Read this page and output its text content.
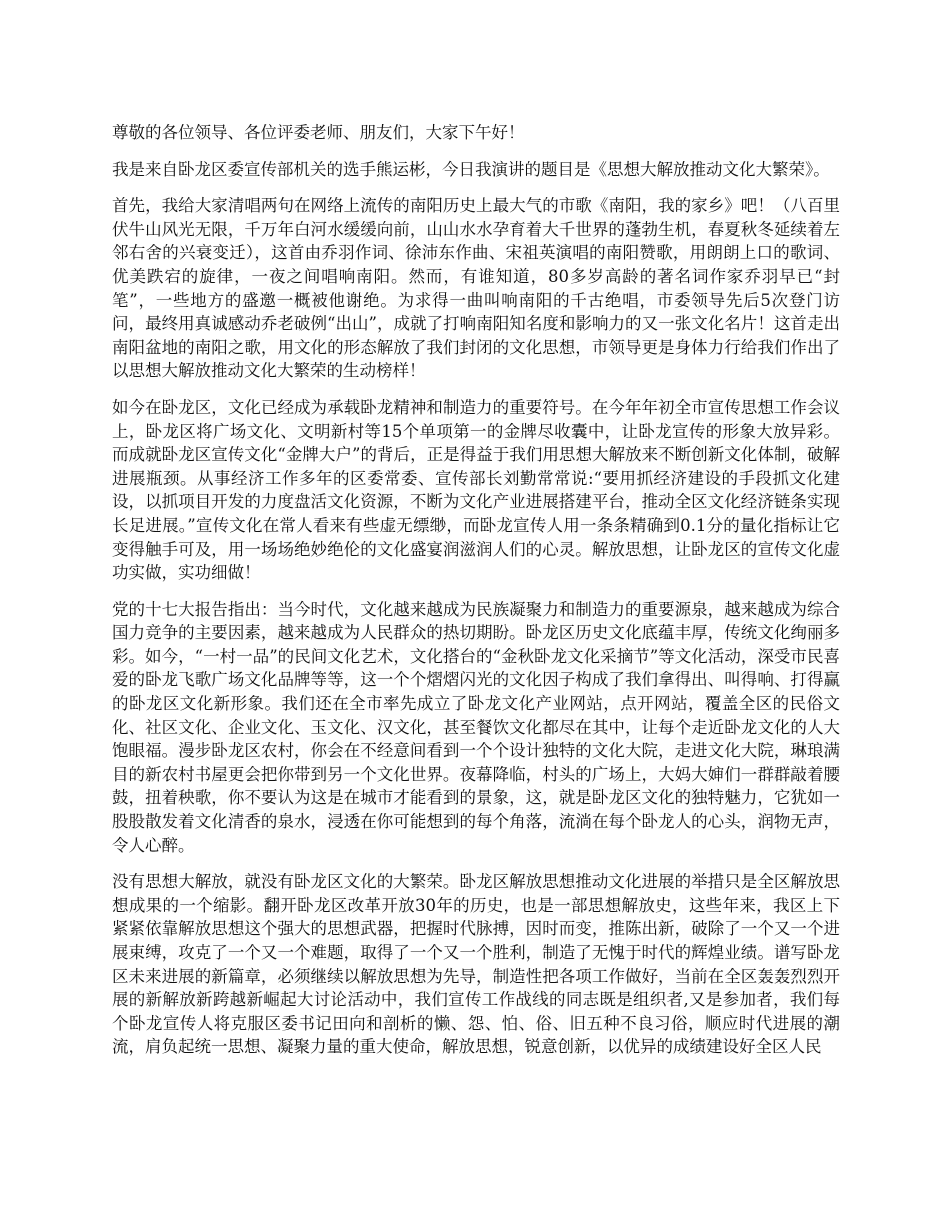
尊敬的各位领导、各位评委老师、朋友们，大家下午好！

我是来自卧龙区委宣传部机关的选手熊运彬，今日我演讲的题目是《思想大解放推动文化大繁荣》。

首先，我给大家清唱两句在网络上流传的南阳历史上最大气的市歌《南阳，我的家乡》吧！（八百里伏牛山风光无限，千万年白河水缓缓向前，山山水水孕育着大千世界的蓬勃生机，春夏秋冬延续着左邻右舍的兴衰变迁），这首由乔羽作词、徐沛东作曲、宋祖英演唱的南阳赞歌，用朗朗上口的歌词、优美跌宕的旋律，一夜之间唱响南阳。然而，有谁知道，80多岁高龄的著名词作家乔羽早已“封笔”，一些地方的盛邀一概被他谢绝。为求得一曲叫响南阳的千古绝唱，市委领导先后5次登门访问，最终用真诚感动乔老破例“出山”，成就了打响南阳知名度和影响力的又一张文化名片！这首走出南阳盆地的南阳之歌，用文化的形态解放了我们封闭的文化思想，市领导更是身体力行给我们作出了以思想大解放推动文化大繁荣的生动榜样！

如今在卧龙区，文化已经成为承载卧龙精神和制造力的重要符号。在今年年初全市宣传思想工作会议上，卧龙区将广场文化、文明新村等15个单项第一的金牌尽收囊中，让卧龙宣传的形象大放异彩。而成就卧龙区宣传文化“金牌大户”的背后，正是得益于我们用思想大解放来不断创新文化体制，破解进展瓶颈。从事经济工作多年的区委常委、宣传部长刘勤常常说:“要用抓经济建设的手段抓文化建设，以抓项目开发的力度盘活文化资源，不断为文化产业进展搭建平台，推动全区文化经济链条实现长足进展。”宣传文化在常人看来有些虚无缥缈，而卧龙宣传人用一条条精确到0.1分的量化指标让它变得触手可及，用一场场绝妙绝伦的文化盛宴润滋润人们的心灵。解放思想，让卧龙区的宣传文化虚功实做，实功细做！

党的十七大报告指出：当今时代，文化越来越成为民族凝聚力和制造力的重要源泉，越来越成为综合国力竞争的主要因素，越来越成为人民群众的热切期盼。卧龙区历史文化底蕴丰厚，传统文化绚丽多彩。如今，“一村一品”的民间文化艺术，文化搭台的“金秋卧龙文化采摘节”等文化活动，深受市民喜爱的卧龙飞歌广场文化品牌等等，这一个个熠熠闪光的文化因子构成了我们拿得出、叫得响、打得赢的卧龙区文化新形象。我们还在全市率先成立了卧龙文化产业网站，点开网站，覆盖全区的民俗文化、社区文化、企业文化、玉文化、汉文化，甚至餐饮文化都尽在其中，让每个走近卧龙文化的人大饱眼福。漫步卧龙区农村，你会在不经意间看到一个个设计独特的文化大院，走进文化大院，琳琅满目的新农村书屋更会把你带到另一个文化世界。夜幕降临，村头的广场上，大妈大婶们一群群敲着腰鼓，扭着秧歌，你不要认为这是在城市才能看到的景象，这，就是卧龙区文化的独特魅力，它犹如一股股散发着文化清香的泉水，浸透在你可能想到的每个角落，流淌在每个卧龙人的心头，润物无声，令人心醉。

没有思想大解放，就没有卧龙区文化的大繁荣。卧龙区解放思想推动文化进展的举措只是全区解放思想成果的一个缩影。翻开卧龙区改革开放30年的历史，也是一部思想解放史，这些年来，我区上下紧紧依靠解放思想这个强大的思想武器，把握时代脉搏，因时而变，推陈出新，破除了一个又一个进展束缚，攻克了一个又一个难题，取得了一个又一个胜利，制造了无愧于时代的辉煌业绩。谱写卧龙区未来进展的新篇章，必须继续以解放思想为先导，制造性把各项工作做好，当前在全区轰轰烈烈开展的新解放新跨越新崛起大讨论活动中，我们宣传工作战线的同志既是组织者,又是参加者，我们每个卧龙宣传人将克服区委书记田向和剖析的懒、怨、怕、俗、旧五种不良习俗，顺应时代进展的潮流，肩负起统一思想、凝聚力量的重大使命，解放思想，锐意创新，以优异的成绩建设好全区人民
